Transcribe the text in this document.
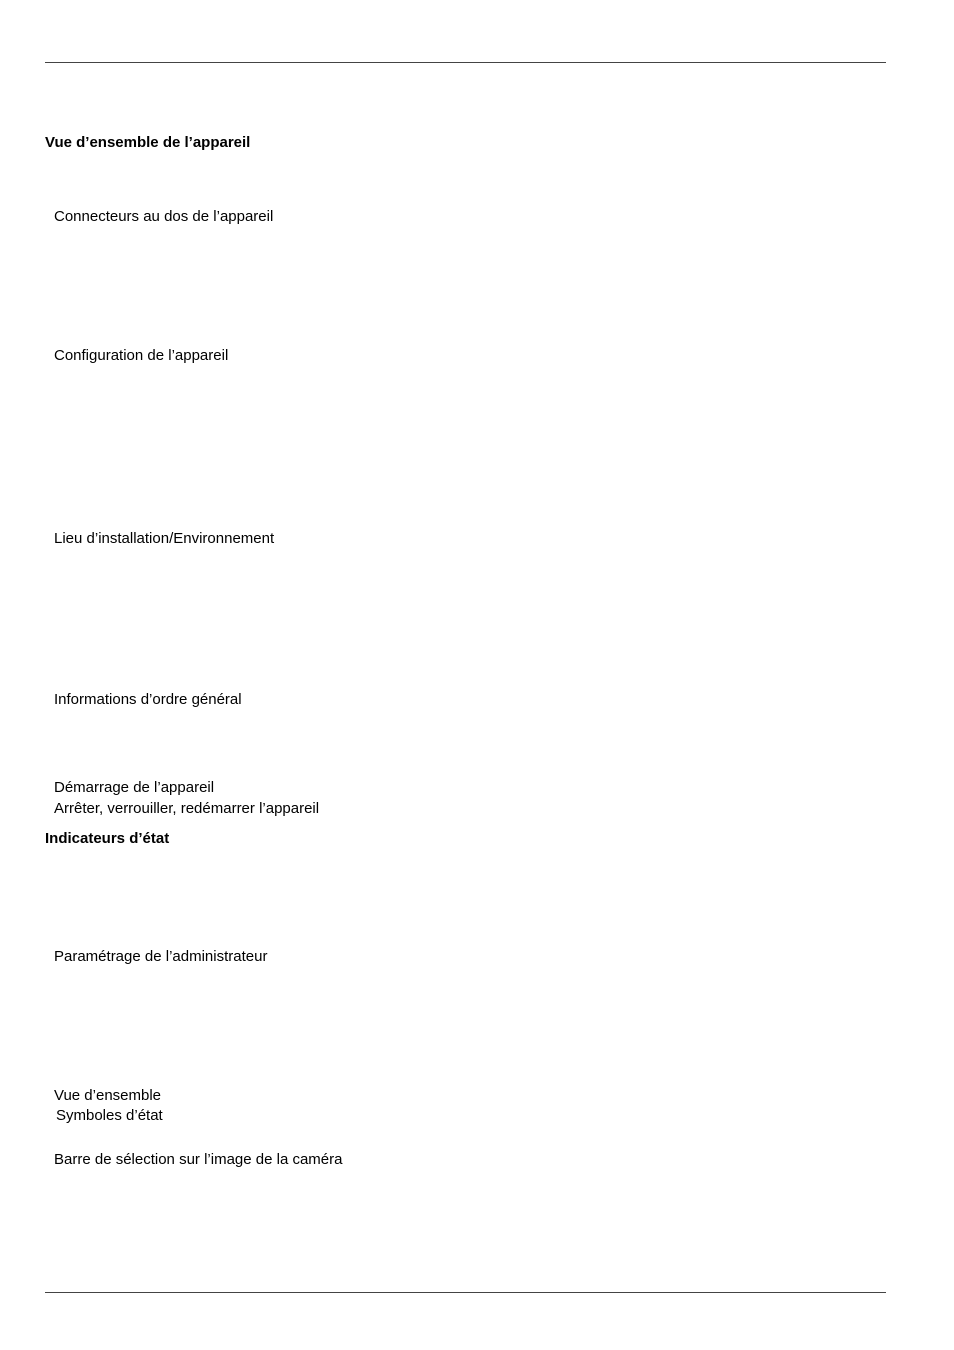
Vue d’ensemble de l’appareil
Connecteurs au dos de l’appareil
Configuration de l’appareil
Lieu d’installation/Environnement
Informations d’ordre général
Démarrage de l’appareil
Arrêter, verrouiller, redémarrer l’appareil
Indicateurs d’état
Paramétrage de l’administrateur
Vue d’ensemble
Symboles d’état
Barre de sélection sur l’image de la caméra
